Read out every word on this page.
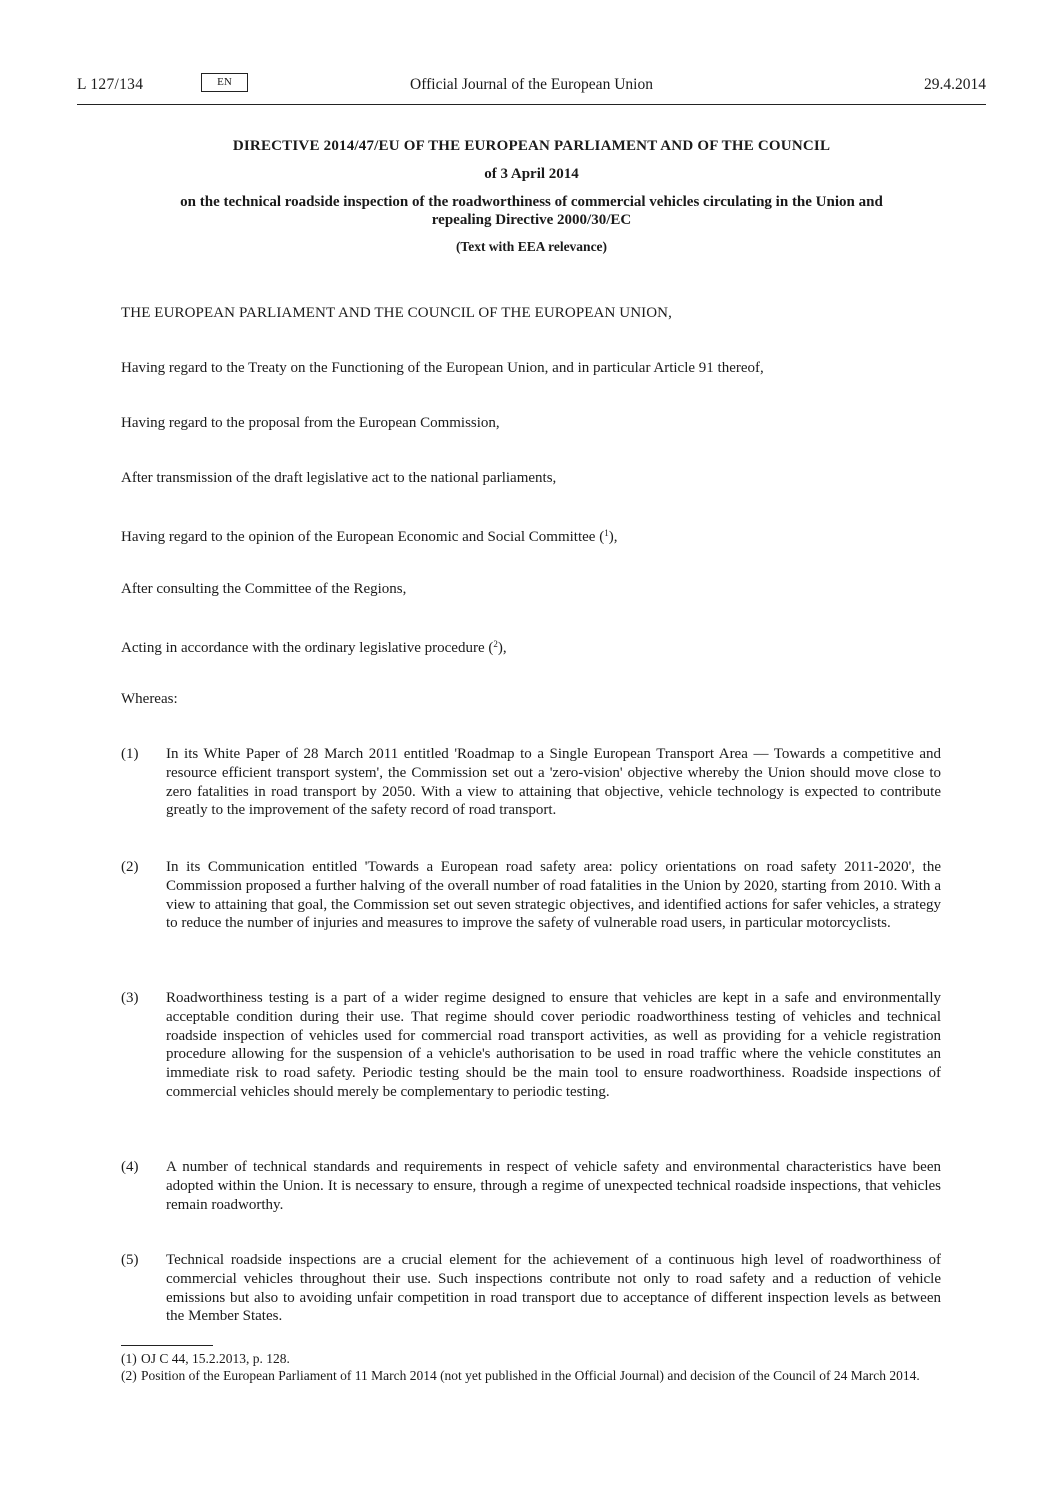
L 127/134	EN	Official Journal of the European Union	29.4.2014
DIRECTIVE 2014/47/EU OF THE EUROPEAN PARLIAMENT AND OF THE COUNCIL
of 3 April 2014
on the technical roadside inspection of the roadworthiness of commercial vehicles circulating in the Union and repealing Directive 2000/30/EC
(Text with EEA relevance)
THE EUROPEAN PARLIAMENT AND THE COUNCIL OF THE EUROPEAN UNION,
Having regard to the Treaty on the Functioning of the European Union, and in particular Article 91 thereof,
Having regard to the proposal from the European Commission,
After transmission of the draft legislative act to the national parliaments,
Having regard to the opinion of the European Economic and Social Committee ($^1$),
After consulting the Committee of the Regions,
Acting in accordance with the ordinary legislative procedure ($^2$),
Whereas:
(1)	In its White Paper of 28 March 2011 entitled 'Roadmap to a Single European Transport Area — Towards a competitive and resource efficient transport system', the Commission set out a 'zero-vision' objective whereby the Union should move close to zero fatalities in road transport by 2050. With a view to attaining that objective, vehicle technology is expected to contribute greatly to the improvement of the safety record of road transport.
(2)	In its Communication entitled 'Towards a European road safety area: policy orientations on road safety 2011-2020', the Commission proposed a further halving of the overall number of road fatalities in the Union by 2020, starting from 2010. With a view to attaining that goal, the Commission set out seven strategic objectives, and identified actions for safer vehicles, a strategy to reduce the number of injuries and measures to improve the safety of vulnerable road users, in particular motorcyclists.
(3)	Roadworthiness testing is a part of a wider regime designed to ensure that vehicles are kept in a safe and environmentally acceptable condition during their use. That regime should cover periodic roadworthiness testing of vehicles and technical roadside inspection of vehicles used for commercial road transport activities, as well as providing for a vehicle registration procedure allowing for the suspension of a vehicle's authorisation to be used in road traffic where the vehicle constitutes an immediate risk to road safety. Periodic testing should be the main tool to ensure roadworthiness. Roadside inspections of commercial vehicles should merely be complementary to periodic testing.
(4)	A number of technical standards and requirements in respect of vehicle safety and environmental characteristics have been adopted within the Union. It is necessary to ensure, through a regime of unexpected technical roadside inspections, that vehicles remain roadworthy.
(5)	Technical roadside inspections are a crucial element for the achievement of a continuous high level of roadworthiness of commercial vehicles throughout their use. Such inspections contribute not only to road safety and a reduction of vehicle emissions but also to avoiding unfair competition in road transport due to acceptance of different inspection levels as between the Member States.
(1) OJ C 44, 15.2.2013, p. 128.
(2) Position of the European Parliament of 11 March 2014 (not yet published in the Official Journal) and decision of the Council of 24 March 2014.
